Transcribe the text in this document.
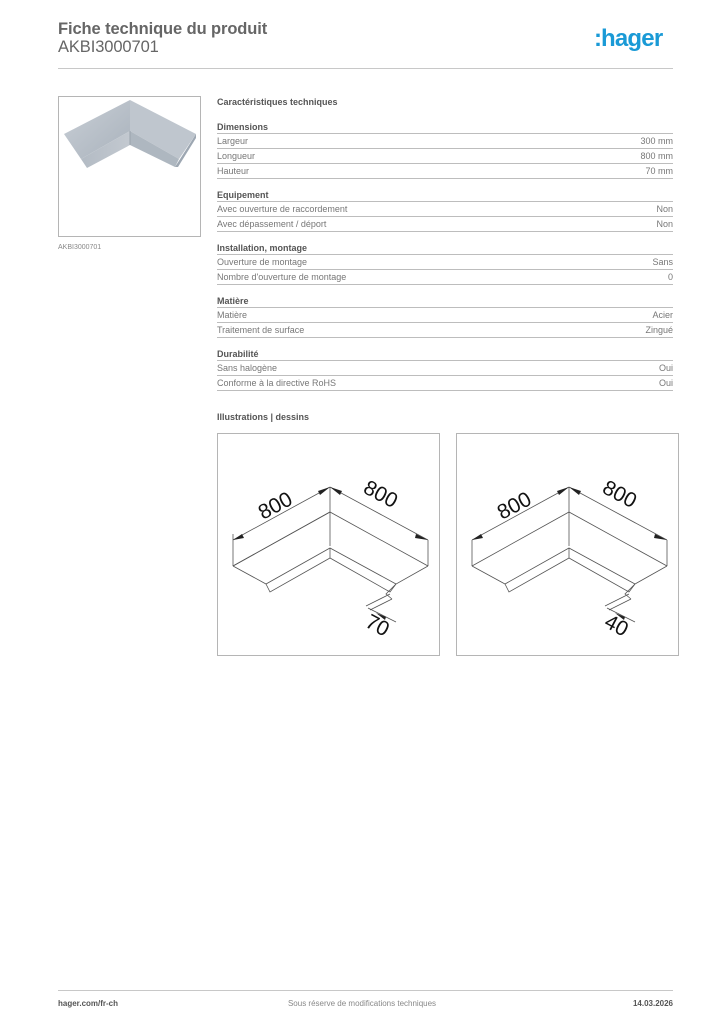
Fiche technique du produit
AKBI3000701	:hager
AKBI3000701
Caractéristiques techniques
Dimensions
Largeur	300 mm
Longueur	800 mm
Hauteur	70 mm
Equipement
Avec ouverture de raccordement	Non
Avec dépassement / déport	Non
Installation, montage
Ouverture de montage	Sans
Nombre d'ouverture de montage	0
Matière
Matière	Acier
Traitement de surface	Zingué
Durabilité
Sans halogène	Oui
Conforme à la directive RoHS	Oui
Illustrations | dessins
800	800
70
800	800
40
hager.com/fr-ch	Sous réserve de modifications techniques	14.03.2026
